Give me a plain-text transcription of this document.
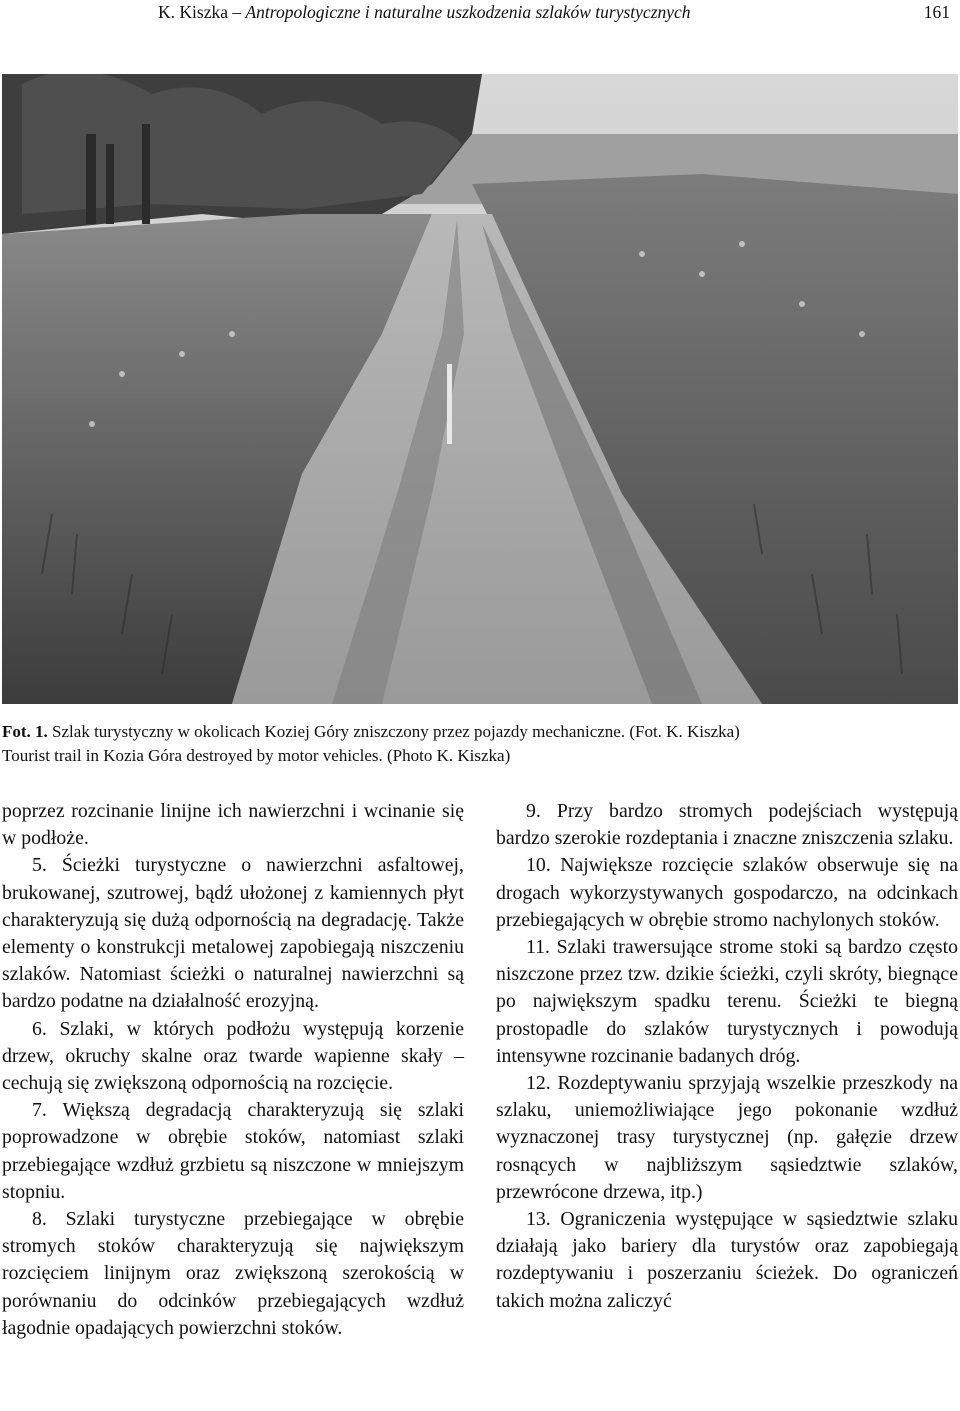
K. Kiszka – Antropologiczne i naturalne uszkodzenia szlaków turystycznych	161
Fot. 1. Szlak turystyczny w okolicach Koziej Góry zniszczony przez pojazdy mechaniczne. (Fot. K. Kiszka)
Tourist trail in Kozia Góra destroyed by motor vehicles. (Photo K. Kiszka)

poprzez rozcinanie linijne ich nawierzchni i wcinanie się w podłoże.

5. Ścieżki turystyczne o nawierzchni asfaltowej, brukowanej, szutrowej, bądź ułożonej z kamiennych płyt charakteryzują się dużą odpornością na degradację. Także elementy o konstrukcji metalowej zapobiegają niszczeniu szlaków. Natomiast ścieżki o naturalnej nawierzchni są bardzo podatne na działalność erozyjną.

6. Szlaki, w których podłożu występują korzenie drzew, okruchy skalne oraz twarde wapienne skały – cechują się zwiększoną odpornością na rozcięcie.

7. Większą degradacją charakteryzują się szlaki poprowadzone w obrębie stoków, natomiast szlaki przebiegające wzdłuż grzbietu są niszczone w mniejszym stopniu.

8. Szlaki turystyczne przebiegające w obrębie stromych stoków charakteryzują się największym rozcięciem linijnym oraz zwiększoną szerokością w porównaniu do odcinków przebiegających wzdłuż łagodnie opadających powierzchni stoków.

9. Przy bardzo stromych podejściach występują bardzo szerokie rozdeptania i znaczne zniszczenia szlaku.

10. Największe rozcięcie szlaków obserwuje się na drogach wykorzystywanych gospodarczo, na odcinkach przebiegających w obrębie stromo nachylonych stoków.

11. Szlaki trawersujące strome stoki są bardzo często niszczone przez tzw. dzikie ścieżki, czyli skróty, biegnące po największym spadku terenu. Ścieżki te biegną prostopadle do szlaków turystycznych i powodują intensywne rozcinanie badanych dróg.

12. Rozdeptywaniu sprzyjają wszelkie przeszkody na szlaku, uniemożliwiające jego pokonanie wzdłuż wyznaczonej trasy turystycznej (np. gałęzie drzew rosnących w najbliższym sąsiedztwie szlaków, przewrócone drzewa, itp.)

13. Ograniczenia występujące w sąsiedztwie szlaku działają jako bariery dla turystów oraz zapobiegają rozdeptywaniu i poszerzaniu ścieżek. Do ograniczeń takich można zaliczyć
